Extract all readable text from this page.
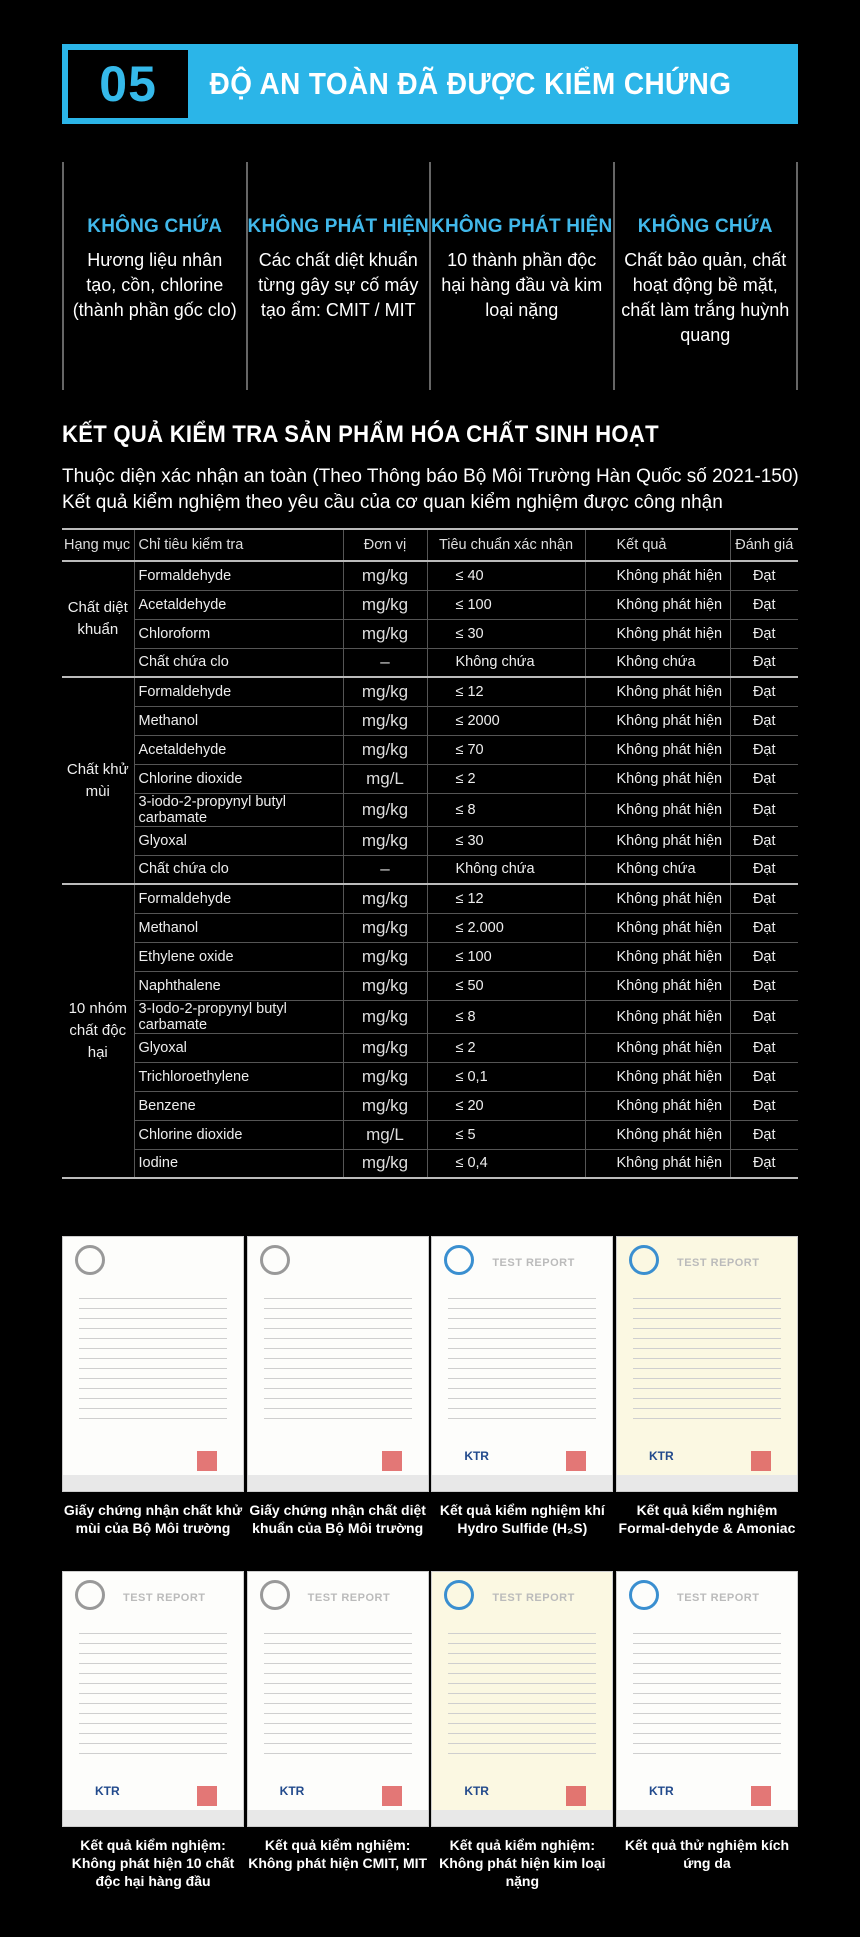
05	ĐỘ AN TOÀN ĐÃ ĐƯỢC KIỂM CHỨNG
KHÔNG CHỨA
Hương liệu nhân tạo, cồn, chlorine (thành phần gốc clo)
KHÔNG PHÁT HIỆN
Các chất diệt khuẩn từng gây sự cố máy tạo ẩm: CMIT / MIT
KHÔNG PHÁT HIỆN
10 thành phần độc hại hàng đầu và kim loại nặng
KHÔNG CHỨA
Chất bảo quản, chất hoạt động bề mặt, chất làm trắng huỳnh quang
KẾT QUẢ KIỂM TRA SẢN PHẨM HÓA CHẤT SINH HOẠT
Thuộc diện xác nhận an toàn (Theo Thông báo Bộ Môi Trường Hàn Quốc số 2021-150) Kết quả kiểm nghiệm theo yêu cầu của cơ quan kiểm nghiệm được công nhận
Hạng mục	Chỉ tiêu kiểm tra	Đơn vị	Tiêu chuẩn xác nhận	Kết quả	Đánh giá
Chất diệt khuẩn	Formaldehyde	mg/kg	≤ 40	Không phát hiện	Đạt
	Acetaldehyde	mg/kg	≤ 100	Không phát hiện	Đạt
	Chloroform	mg/kg	≤ 30	Không phát hiện	Đạt
	Chất chứa clo	–	Không chứa	Không chứa	Đạt
Chất khử mùi	Formaldehyde	mg/kg	≤ 12	Không phát hiện	Đạt
	Methanol	mg/kg	≤ 2000	Không phát hiện	Đạt
	Acetaldehyde	mg/kg	≤ 70	Không phát hiện	Đạt
	Chlorine dioxide	mg/L	≤ 2	Không phát hiện	Đạt
	3-iodo-2-propynyl butyl carbamate	mg/kg	≤ 8	Không phát hiện	Đạt
	Glyoxal	mg/kg	≤ 30	Không phát hiện	Đạt
	Chất chứa clo	–	Không chứa	Không chứa	Đạt
10 nhóm chất độc hại	Formaldehyde	mg/kg	≤ 12	Không phát hiện	Đạt
	Methanol	mg/kg	≤ 2.000	Không phát hiện	Đạt
	Ethylene oxide	mg/kg	≤ 100	Không phát hiện	Đạt
	Naphthalene	mg/kg	≤ 50	Không phát hiện	Đạt
	3-Iodo-2-propynyl butyl carbamate	mg/kg	≤ 8	Không phát hiện	Đạt
	Glyoxal	mg/kg	≤ 2	Không phát hiện	Đạt
	Trichloroethylene	mg/kg	≤ 0,1	Không phát hiện	Đạt
	Benzene	mg/kg	≤ 20	Không phát hiện	Đạt
	Chlorine dioxide	mg/L	≤ 5	Không phát hiện	Đạt
	Iodine	mg/kg	≤ 0,4	Không phát hiện	Đạt
Giấy chứng nhận chất khử mùi của Bộ Môi trường
Giấy chứng nhận chất diệt khuẩn của Bộ Môi trường
TEST REPORT
KTR
Kết quả kiểm nghiệm khí Hydro Sulfide (H₂S)
TEST REPORT
KTR
Kết quả kiểm nghiệm Formal-dehyde & Amoniac
TEST REPORT
KTR
Kết quả kiểm nghiệm: Không phát hiện 10 chất độc hại hàng đầu
TEST REPORT
KTR
Kết quả kiểm nghiệm: Không phát hiện CMIT, MIT
TEST REPORT
KTR
Kết quả kiểm nghiệm: Không phát hiện kim loại nặng
TEST REPORT
KTR
Kết quả thử nghiệm kích ứng da
